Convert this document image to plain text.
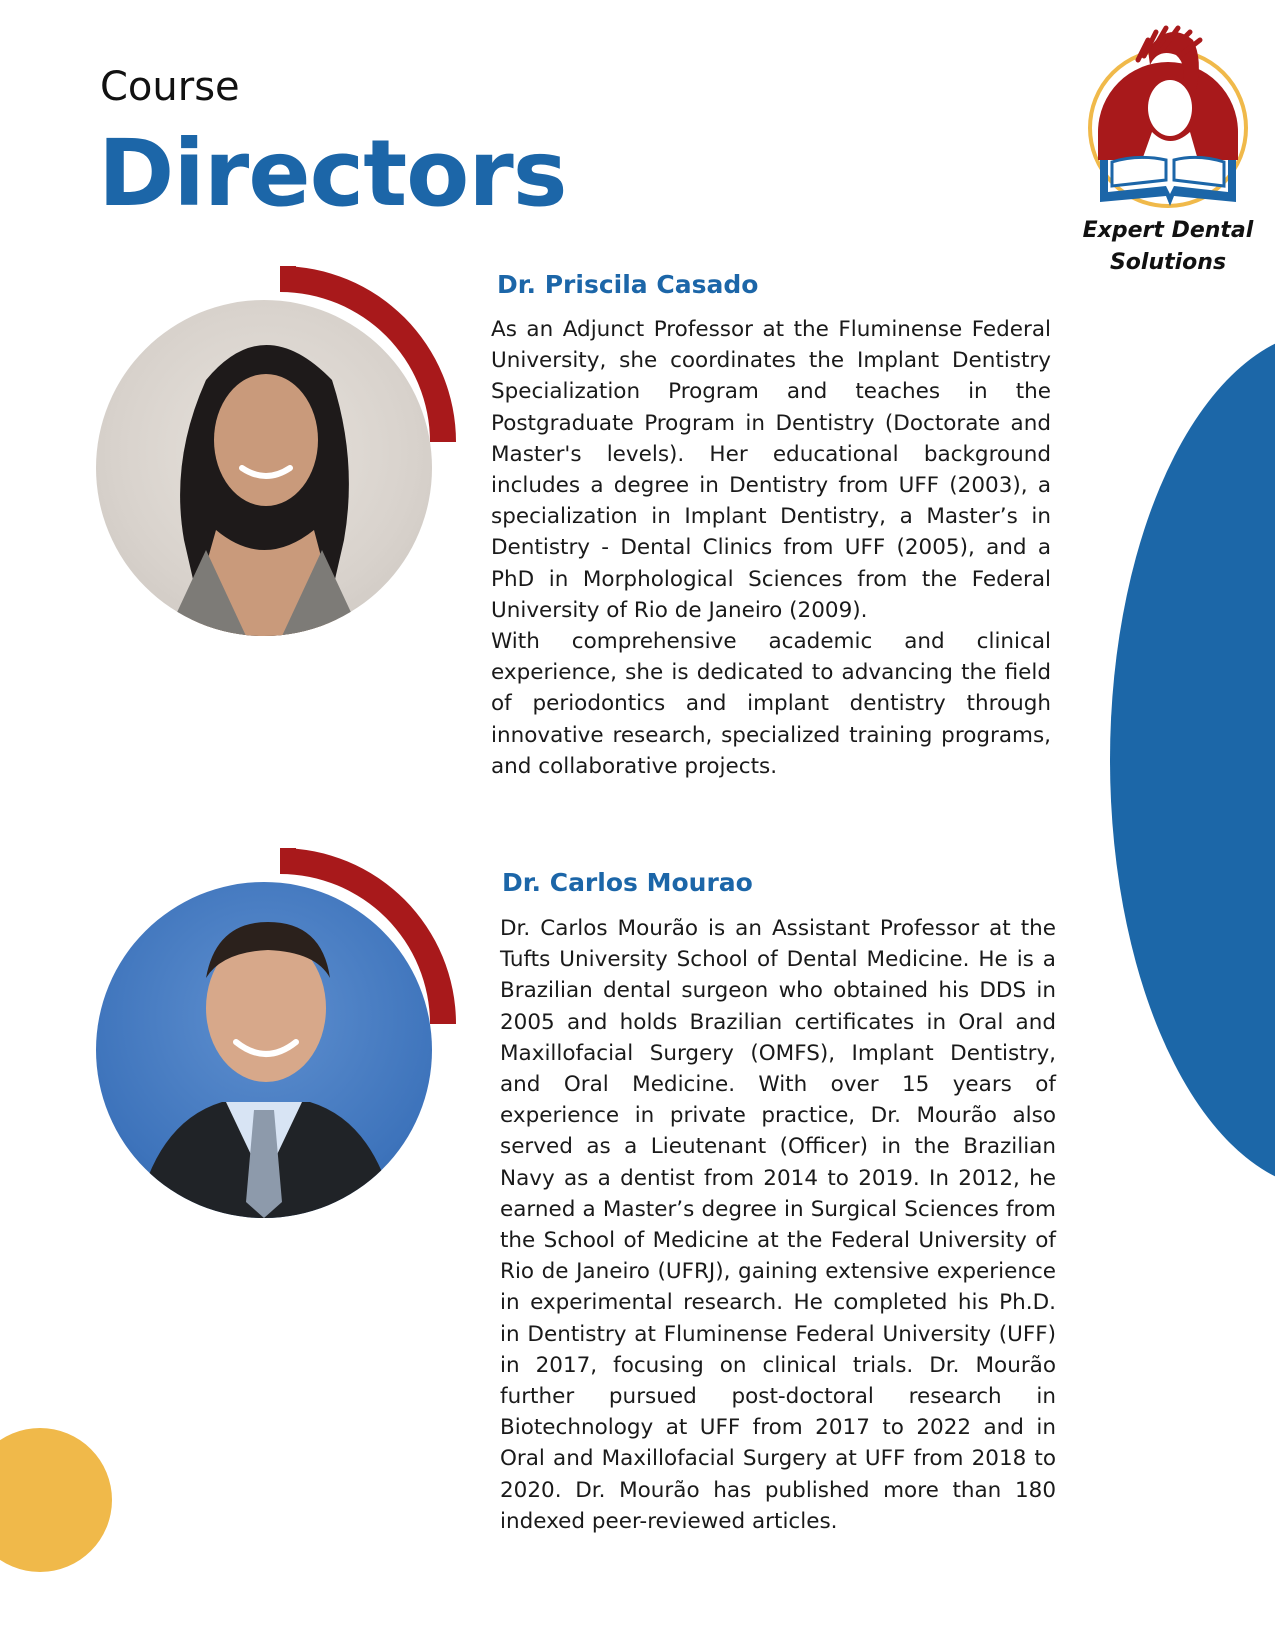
Course
Directors
Expert Dental
Solutions
Dr. Priscila Casado

As an Adjunct Professor at the Fluminense Federal University, she coordinates the Implant Dentistry Specialization Program and teaches in the Postgraduate Program in Dentistry (Doctorate and Master's levels). Her educational background includes a degree in Dentistry from UFF (2003), a specialization in Implant Dentistry, a Master’s in Dentistry - Dental Clinics from UFF (2005), and a PhD in Morphological Sciences from the Federal University of Rio de Janeiro (2009).

With comprehensive academic and clinical experience, she is dedicated to advancing the field of periodontics and implant dentistry through innovative research, specialized training programs, and collaborative projects.

Dr. Carlos Mourao

Dr. Carlos Mourão is an Assistant Professor at the Tufts University School of Dental Medicine. He is a Brazilian dental surgeon who obtained his DDS in 2005 and holds Brazilian certificates in Oral and Maxillofacial Surgery (OMFS), Implant Dentistry, and Oral Medicine. With over 15 years of experience in private practice, Dr. Mourão also served as a Lieutenant (Officer) in the Brazilian Navy as a dentist from 2014 to 2019. In 2012, he earned a Master’s degree in Surgical Sciences from the School of Medicine at the Federal University of Rio de Janeiro (UFRJ), gaining extensive experience in experimental research. He completed his Ph.D. in Dentistry at Fluminense Federal University (UFF) in 2017, focusing on clinical trials. Dr. Mourão further pursued post-doctoral research in Biotechnology at UFF from 2017 to 2022 and in Oral and Maxillofacial Surgery at UFF from 2018 to 2020. Dr. Mourão has published more than 180 indexed peer-reviewed articles.
